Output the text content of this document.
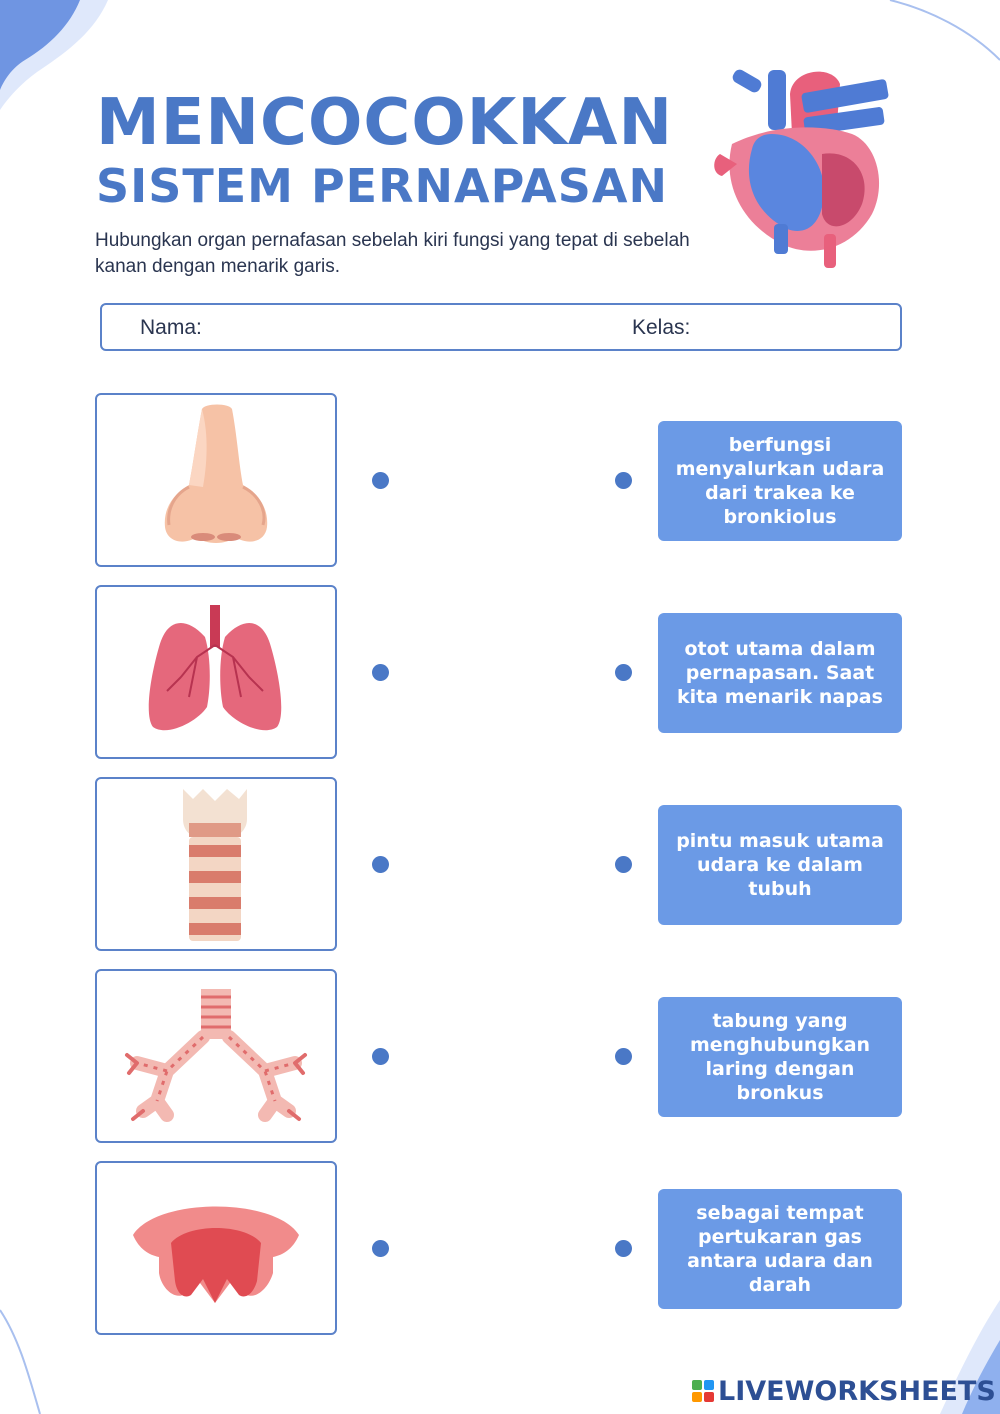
MENCOCOKKAN
SISTEM PERNAPASAN
Hubungkan organ pernafasan sebelah kiri fungsi yang tepat di sebelah kanan dengan menarik garis.
Nama:	Kelas:
berfungsi menyalurkan udara dari trakea ke bronkiolus
otot utama dalam pernapasan. Saat kita menarik napas
pintu masuk utama udara ke dalam tubuh
tabung yang menghubungkan laring dengan bronkus
sebagai tempat pertukaran gas antara udara dan darah
LIVEWORKSHEETS
